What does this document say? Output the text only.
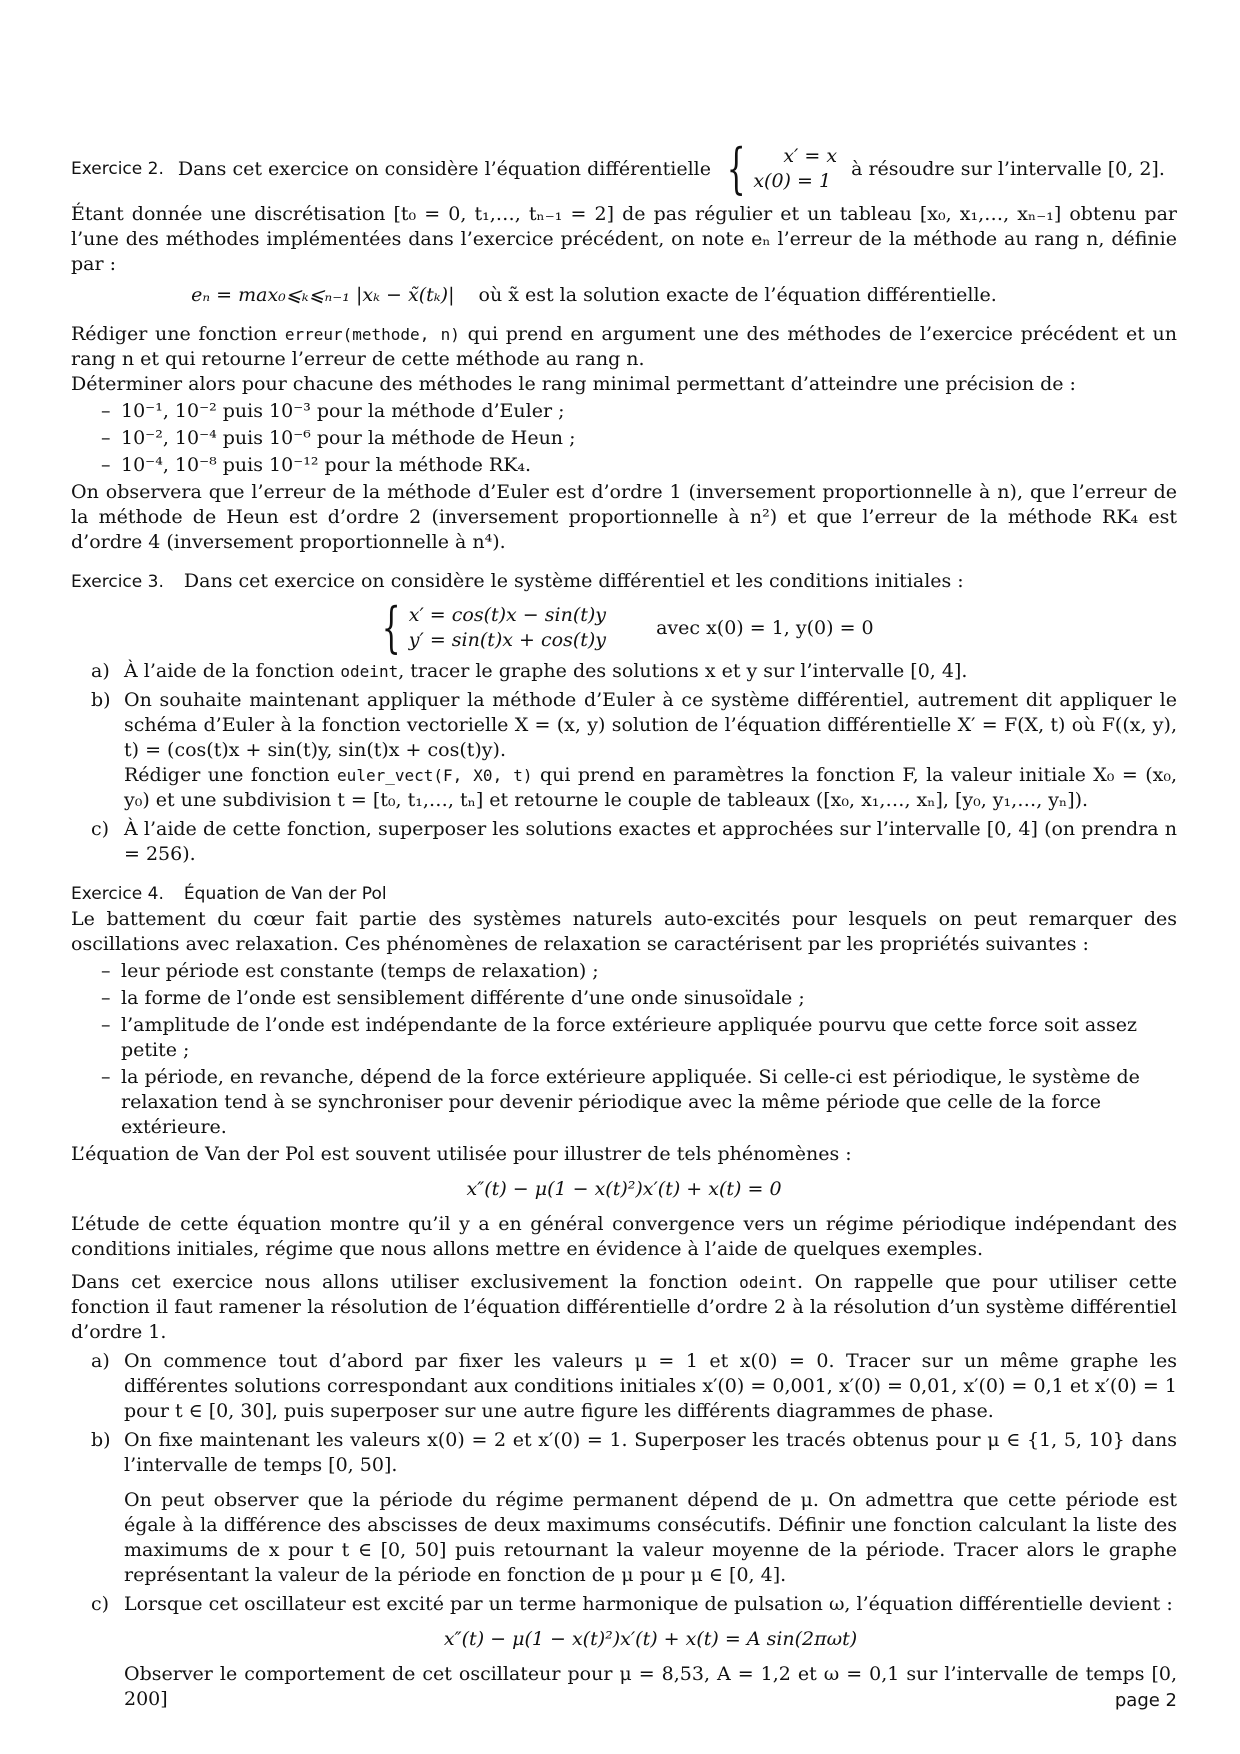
Exercice 2. Dans cet exercice on considère l’équation différentielle {	x′ = x
x(0) = 1
à résoudre sur l’intervalle [0, 2].

Étant donnée une discrétisation [t₀ = 0, t₁,…, tₙ₋₁ = 2] de pas régulier et un tableau [x₀, x₁,…, xₙ₋₁] obtenu par l’une des méthodes implémentées dans l’exercice précédent, on note eₙ l’erreur de la méthode au rang n, définie par :

eₙ = max₀⩽ₖ⩽ₙ₋₁ |xₖ − x̃(tₖ)| où x̃ est la solution exacte de l’équation différentielle.

Rédiger une fonction erreur(methode, n) qui prend en argument une des méthodes de l’exercice précédent et un rang n et qui retourne l’erreur de cette méthode au rang n.

Déterminer alors pour chacune des méthodes le rang minimal permettant d’atteindre une précision de :

– 10⁻¹, 10⁻² puis 10⁻³ pour la méthode d’Euler ;
– 10⁻², 10⁻⁴ puis 10⁻⁶ pour la méthode de Heun ;
– 10⁻⁴, 10⁻⁸ puis 10⁻¹² pour la méthode RK₄.

On observera que l’erreur de la méthode d’Euler est d’ordre 1 (inversement proportionnelle à n), que l’erreur de la méthode de Heun est d’ordre 2 (inversement proportionnelle à n²) et que l’erreur de la méthode RK₄ est d’ordre 4 (inversement proportionnelle à n⁴).

Exercice 3. Dans cet exercice on considère le système différentiel et les conditions initiales :

{ x′ = cos(t)x − sin(t)y
y′ = sin(t)x + cos(t)y
avec x(0) = 1, y(0) = 0
a) À l’aide de la fonction odeint, tracer le graphe des solutions x et y sur l’intervalle [0, 4].
b) On souhaite maintenant appliquer la méthode d’Euler à ce système différentiel, autrement dit appliquer le schéma d’Euler à la fonction vectorielle X = (x, y) solution de l’équation différentielle X′ = F(X, t) où F((x, y), t) = (cos(t)x + sin(t)y, sin(t)x + cos(t)y).
Rédiger une fonction euler_vect(F, X0, t) qui prend en paramètres la fonction F, la valeur initiale X₀ = (x₀, y₀) et une subdivision t = [t₀, t₁,…, tₙ] et retourne le couple de tableaux ([x₀, x₁,…, xₙ], [y₀, y₁,…, yₙ]).
c) À l’aide de cette fonction, superposer les solutions exactes et approchées sur l’intervalle [0, 4] (on prendra n = 256).

Exercice 4. Équation de Van der Pol

Le battement du cœur fait partie des systèmes naturels auto-excités pour lesquels on peut remarquer des oscillations avec relaxation. Ces phénomènes de relaxation se caractérisent par les propriétés suivantes :

– leur période est constante (temps de relaxation) ;
– la forme de l’onde est sensiblement différente d’une onde sinusoïdale ;
– l’amplitude de l’onde est indépendante de la force extérieure appliquée pourvu que cette force soit assez petite ;
– la période, en revanche, dépend de la force extérieure appliquée. Si celle-ci est périodique, le système de relaxation tend à se synchroniser pour devenir périodique avec la même période que celle de la force extérieure.

L’équation de Van der Pol est souvent utilisée pour illustrer de tels phénomènes :

x″(t) − μ(1 − x(t)²)x′(t) + x(t) = 0

L’étude de cette équation montre qu’il y a en général convergence vers un régime périodique indépendant des conditions initiales, régime que nous allons mettre en évidence à l’aide de quelques exemples.

Dans cet exercice nous allons utiliser exclusivement la fonction odeint. On rappelle que pour utiliser cette fonction il faut ramener la résolution de l’équation différentielle d’ordre 2 à la résolution d’un système différentiel d’ordre 1.

a) On commence tout d’abord par fixer les valeurs μ = 1 et x(0) = 0. Tracer sur un même graphe les différentes solutions correspondant aux conditions initiales x′(0) = 0,001, x′(0) = 0,01, x′(0) = 0,1 et x′(0) = 1 pour t ∈ [0, 30], puis superposer sur une autre figure les différents diagrammes de phase.
b) On fixe maintenant les valeurs x(0) = 2 et x′(0) = 1. Superposer les tracés obtenus pour μ ∈ {1, 5, 10} dans l’intervalle de temps [0, 50].
On peut observer que la période du régime permanent dépend de μ. On admettra que cette période est égale à la différence des abscisses de deux maximums consécutifs. Définir une fonction calculant la liste des maximums de x pour t ∈ [0, 50] puis retournant la valeur moyenne de la période. Tracer alors le graphe représentant la valeur de la période en fonction de μ pour μ ∈ [0, 4].
c) Lorsque cet oscillateur est excité par un terme harmonique de pulsation ω, l’équation différentielle devient :
x″(t) − μ(1 − x(t)²)x′(t) + x(t) = A sin(2πωt)
Observer le comportement de cet oscillateur pour μ = 8,53, A = 1,2 et ω = 0,1 sur l’intervalle de temps [0, 200]	page 2
